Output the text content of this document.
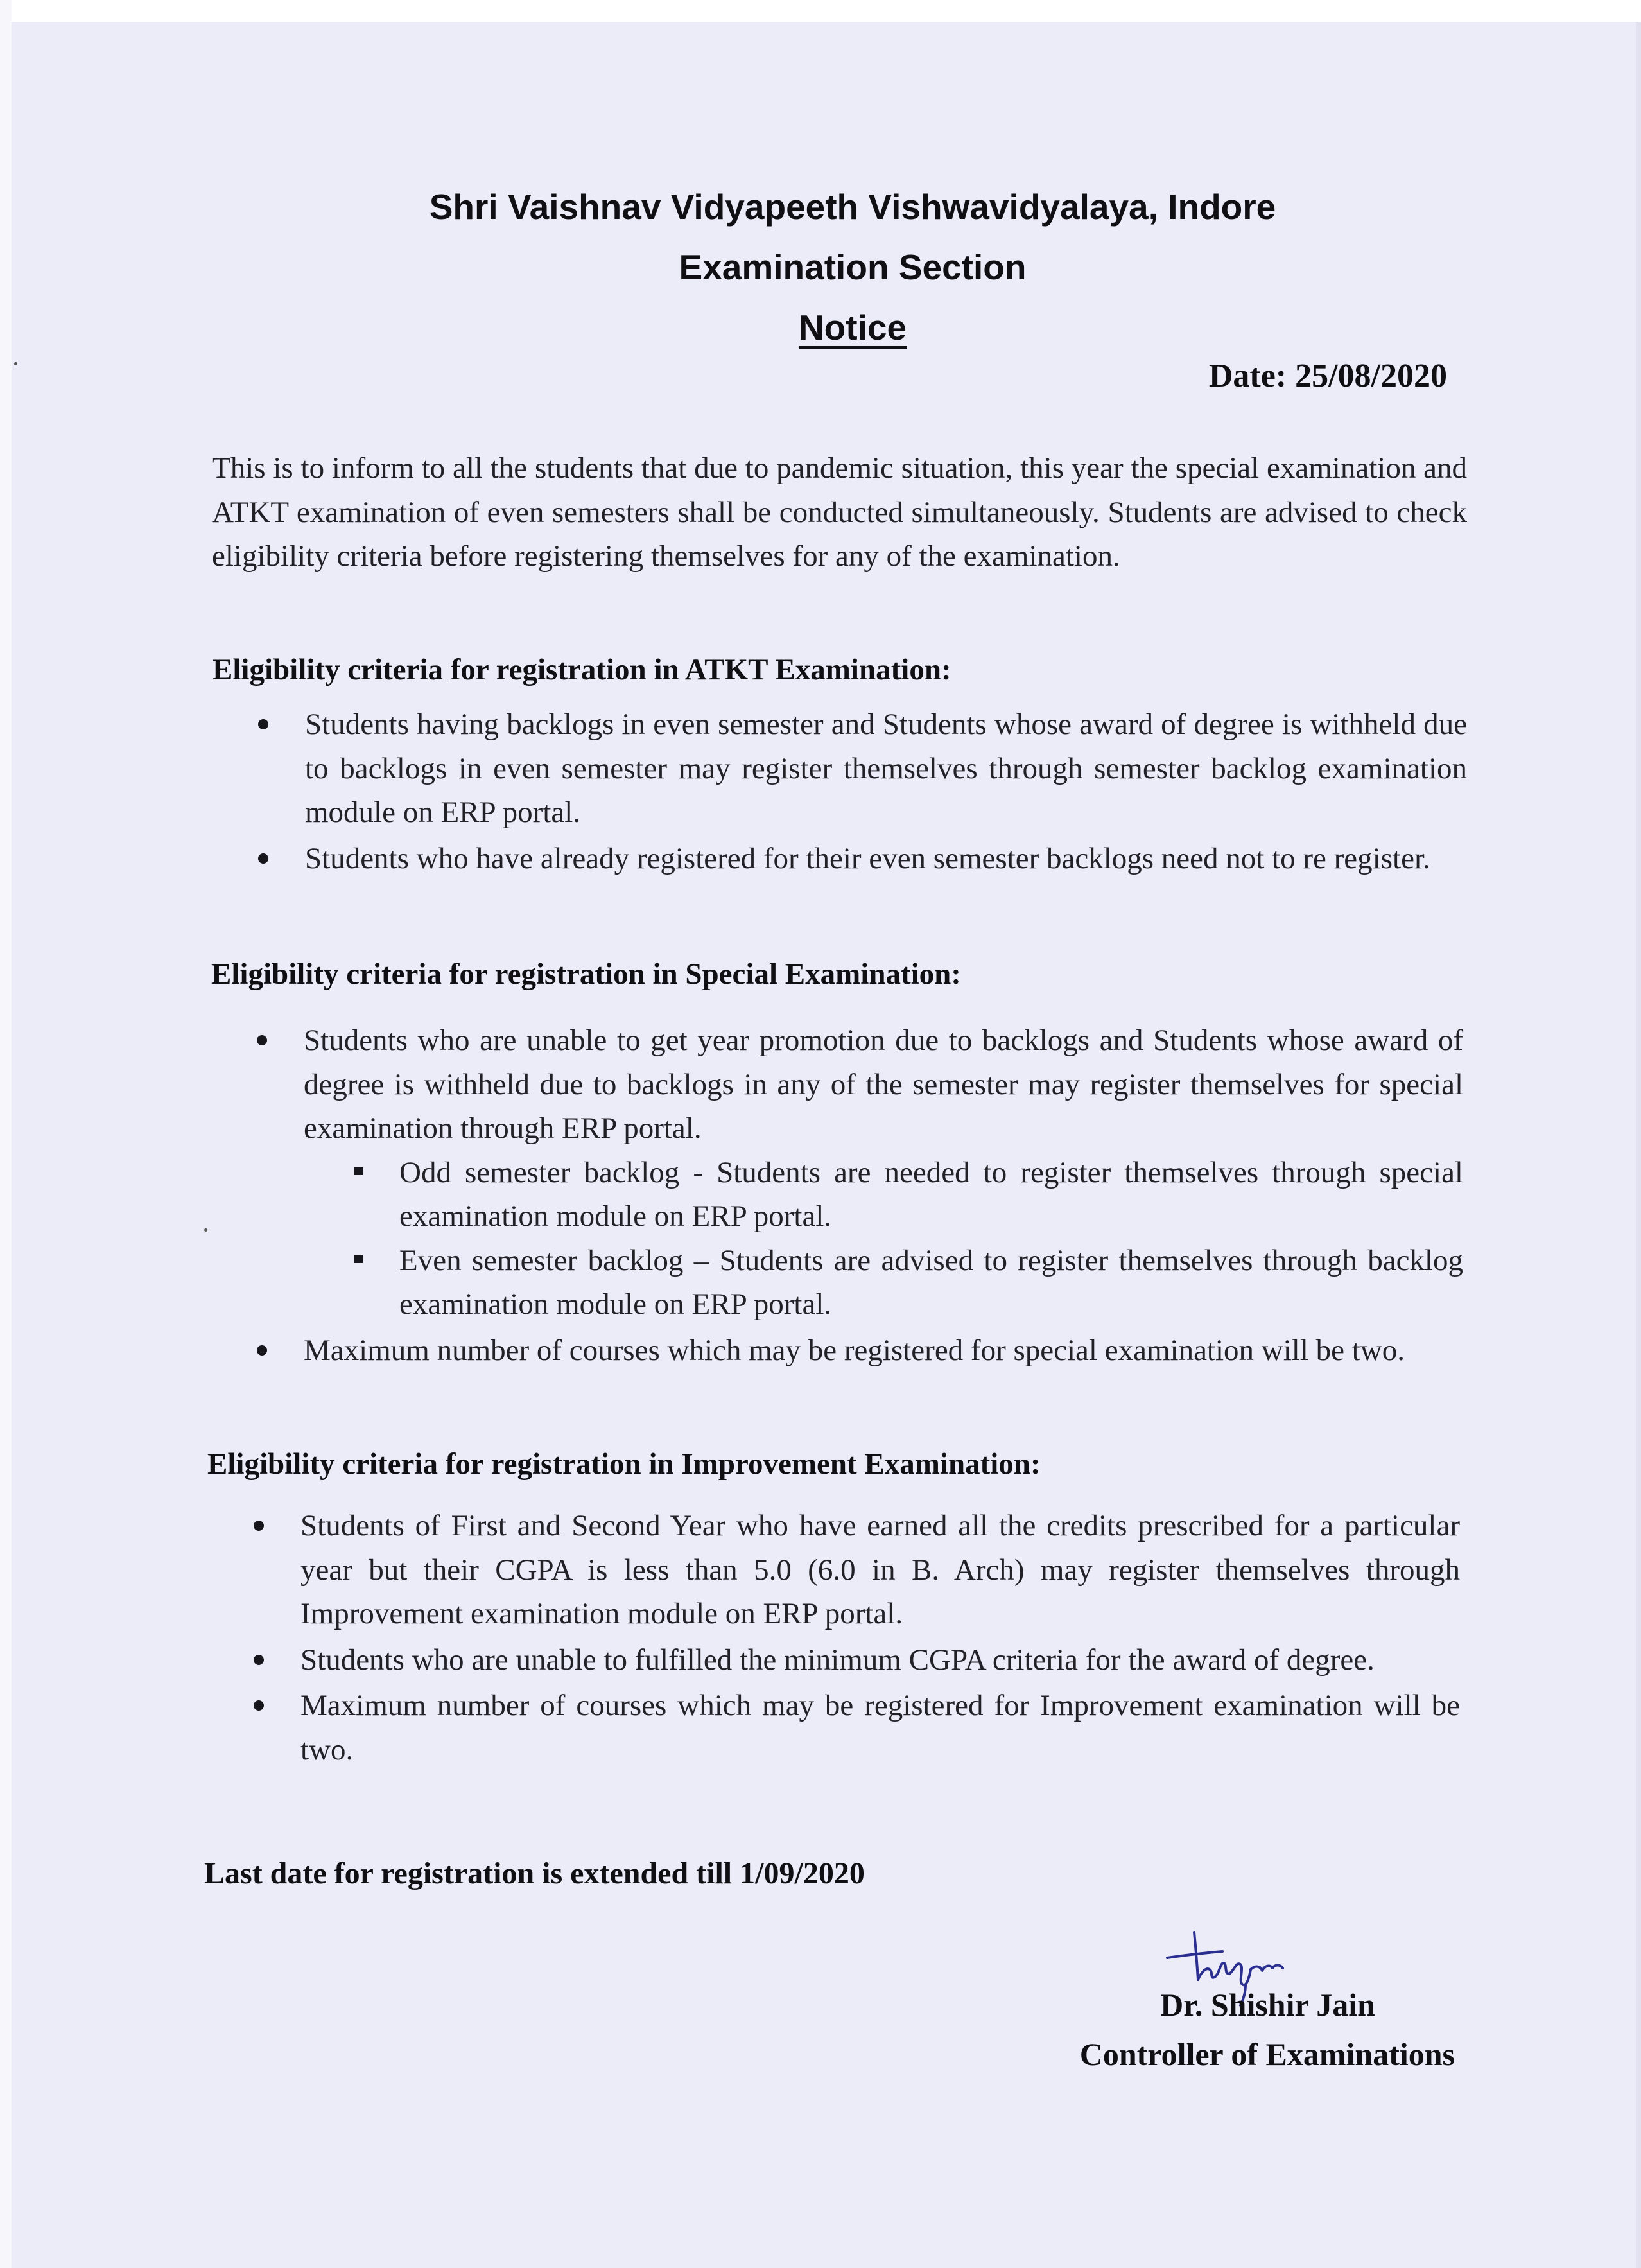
Shri Vaishnav Vidyapeeth Vishwavidyalaya, Indore
Examination Section
Notice
Date: 25/08/2020
This is to inform to all the students that due to pandemic situation, this year the special examination and ATKT examination of even semesters shall be conducted simultaneously. Students are advised to check eligibility criteria before registering themselves for any of the examination.
Eligibility criteria for registration in ATKT Examination:
Students having backlogs in even semester and Students whose award of degree is withheld due to backlogs in even semester may register themselves through semester backlog examination module on ERP portal.
Students who have already registered for their even semester backlogs need not to re register.
Eligibility criteria for registration in Special Examination:
Students who are unable to get year promotion due to backlogs and Students whose award of degree is withheld due to backlogs in any of the semester may register themselves for special examination through ERP portal.
Odd semester backlog - Students are needed to register themselves through special examination module on ERP portal.
Even semester backlog – Students are advised to register themselves through backlog examination module on ERP portal.
Maximum number of courses which may be registered for special examination will be two.
Eligibility criteria for registration in Improvement Examination:
Students of First and Second Year who have earned all the credits prescribed for a particular year but their CGPA is less than 5.0 (6.0 in B. Arch) may register themselves through Improvement examination module on ERP portal.
Students who are unable to fulfilled the minimum CGPA criteria for the award of degree.
Maximum number of courses which may be registered for Improvement examination will be two.
Last date for registration is extended till 1/09/2020
Dr. Shishir Jain
Controller of Examinations
